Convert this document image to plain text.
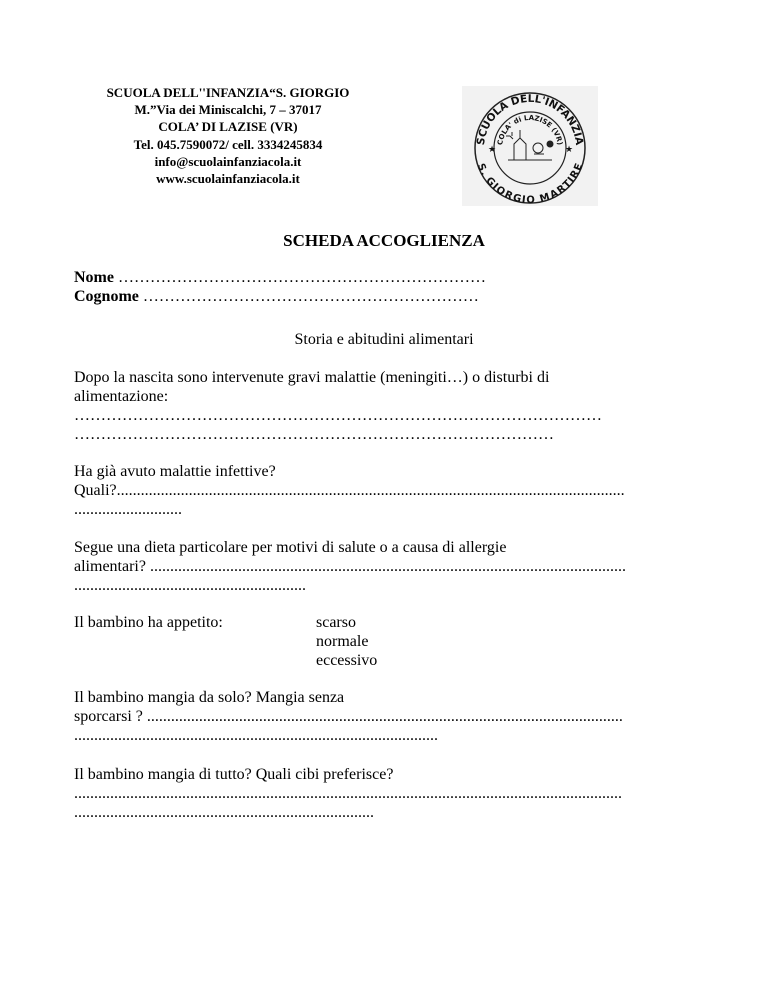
SCUOLA DELL''INFANZIA“S. GIORGIO
M.”Via dei Miniscalchi, 7 – 37017
COLA’ DI LAZISE (VR)
Tel. 045.7590072/ cell. 3334245834
info@scuolainfanziacola.it
www.scuolainfanziacola.it
SCUOLA DELL'INFANZIA
COLA' di LAZISE (VR)
S. GIORGIO MARTIRE
★	★
SCHEDA ACCOGLIENZA
Nome ……………………………………………………………
Cognome ………………………………………………………
Storia e abitudini alimentari
Dopo la nascita sono intervenute gravi malattie (meningiti…) o disturbi di
alimentazione:
………………………………………………………………………………………
………………………………………………………………………………
Ha già avuto malattie infettive?
Quali?...............................................................................................................................
...........................
Segue una dieta particolare per motivi di salute o a causa di allergie
alimentari? .......................................................................................................................
..........................................................
Il bambino ha appetito:	scarso
normale
eccessivo
Il bambino mangia da solo? Mangia senza
sporcarsi ? .......................................................................................................................
...........................................................................................
Il bambino mangia di tutto? Quali cibi preferisce?
.........................................................................................................................................
...........................................................................
